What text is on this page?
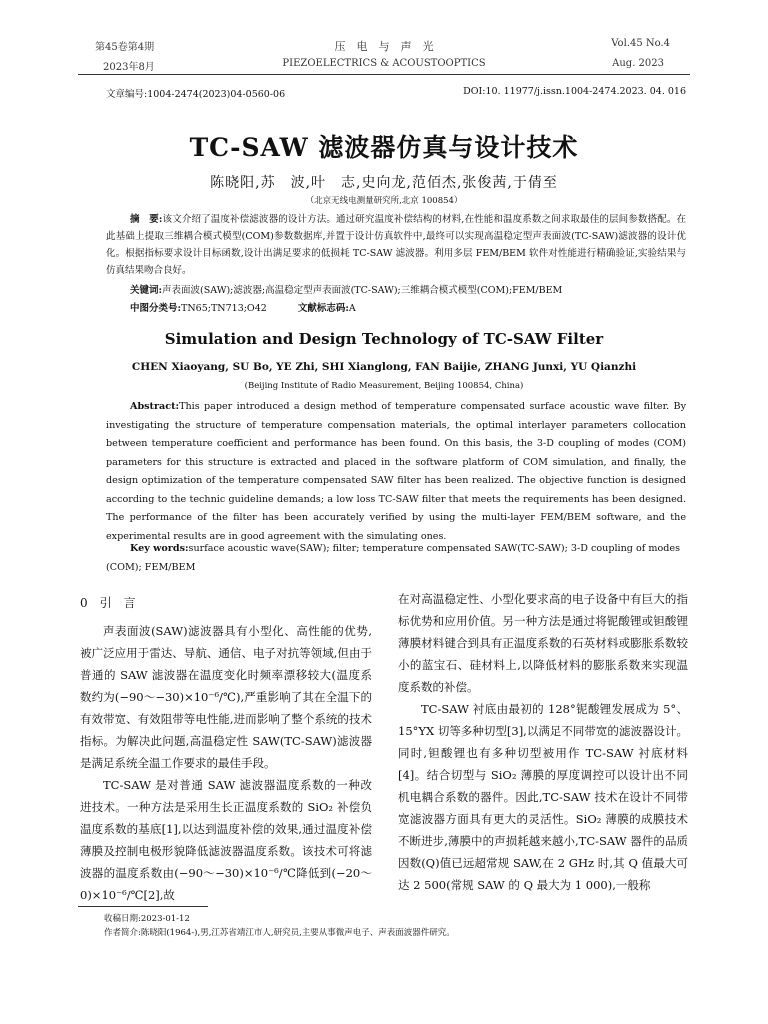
第45卷第4期
2023年8月
压　电　与　声　光
PIEZOELECTRICS & ACOUSTOOPTICS
Vol.45 No.4
Aug. 2023
文章编号:1004-2474(2023)04-0560-06	DOI:10. 11977/j.issn.1004-2474.2023. 04. 016
TC-SAW 滤波器仿真与设计技术
陈晓阳,苏　波,叶　志,史向龙,范佰杰,张俊茜,于倩至
（北京无线电测量研究所,北京 100854）
摘　要:该文介绍了温度补偿滤波器的设计方法。通过研究温度补偿结构的材料,在性能和温度系数之间求取最佳的层间参数搭配。在此基础上提取三维耦合模式模型(COM)参数数据库,并置于设计仿真软件中,最终可以实现高温稳定型声表面波(TC-SAW)滤波器的设计优化。根据指标要求设计目标函数,设计出满足要求的低损耗 TC-SAW 滤波器。利用多层 FEM/BEM 软件对性能进行精确验证,实验结果与仿真结果吻合良好。
关键词:声表面波(SAW);滤波器;高温稳定型声表面波(TC-SAW);三维耦合模式模型(COM);FEM/BEM
中图分类号:TN65;TN713;O42	文献标志码:A
Simulation and Design Technology of TC-SAW Filter
CHEN Xiaoyang, SU Bo, YE Zhi, SHI Xianglong, FAN Baijie, ZHANG Junxi, YU Qianzhi
(Beijing Institute of Radio Measurement, Beijing 100854, China)
Abstract:This paper introduced a design method of temperature compensated surface acoustic wave filter. By investigating the structure of temperature compensation materials, the optimal interlayer parameters collocation between temperature coefficient and performance has been found. On this basis, the 3-D coupling of modes (COM) parameters for this structure is extracted and placed in the software platform of COM simulation, and finally, the design optimization of the temperature compensated SAW filter has been realized. The objective function is designed according to the technic guideline demands; a low loss TC-SAW filter that meets the requirements has been designed. The performance of the filter has been accurately verified by using the multi-layer FEM/BEM software, and the experimental results are in good agreement with the simulating ones.
Key words:surface acoustic wave(SAW); filter; temperature compensated SAW(TC-SAW); 3-D coupling of modes (COM); FEM/BEM
0　引　言

声表面波(SAW)滤波器具有小型化、高性能的优势,被广泛应用于雷达、导航、通信、电子对抗等领域,但由于普通的 SAW 滤波器在温度变化时频率漂移较大(温度系数约为(−90～−30)×10⁻⁶/℃),严重影响了其在全温下的有效带宽、有效阻带等电性能,进而影响了整个系统的技术指标。为解决此问题,高温稳定性 SAW(TC-SAW)滤波器是满足系统全温工作要求的最佳手段。

TC-SAW 是对普通 SAW 滤波器温度系数的一种改进技术。一种方法是采用生长正温度系数的 SiO₂ 补偿负温度系数的基底[1],以达到温度补偿的效果,通过温度补偿薄膜及控制电极形貌降低滤波器温度系数。该技术可将滤波器的温度系数由(−90～−30)×10⁻⁶/℃降低到(−20～0)×10⁻⁶/℃[2],故

在对高温稳定性、小型化要求高的电子设备中有巨大的指标优势和应用价值。另一种方法是通过将铌酸锂或钽酸锂薄膜材料键合到具有正温度系数的石英材料或膨胀系数较小的蓝宝石、硅材料上,以降低材料的膨胀系数来实现温度系数的补偿。

TC-SAW 衬底由最初的 128°铌酸锂发展成为 5°、15°YX 切等多种切型[3],以满足不同带宽的滤波器设计。同时,钽酸锂也有多种切型被用作 TC-SAW 衬底材料[4]。结合切型与 SiO₂ 薄膜的厚度调控可以设计出不同机电耦合系数的器件。因此,TC-SAW 技术在设计不同带宽滤波器方面具有更大的灵活性。SiO₂ 薄膜的成膜技术不断进步,薄膜中的声损耗越来越小,TC-SAW 器件的品质因数(Q)值已远超常规 SAW,在 2 GHz 时,其 Q 值最大可达 2 500(常规 SAW 的 Q 最大为 1 000),一般称

收稿日期:2023-01-12
作者简介:陈晓阳(1964-),男,江苏省靖江市人,研究员,主要从事微声电子、声表面波器件研究。
